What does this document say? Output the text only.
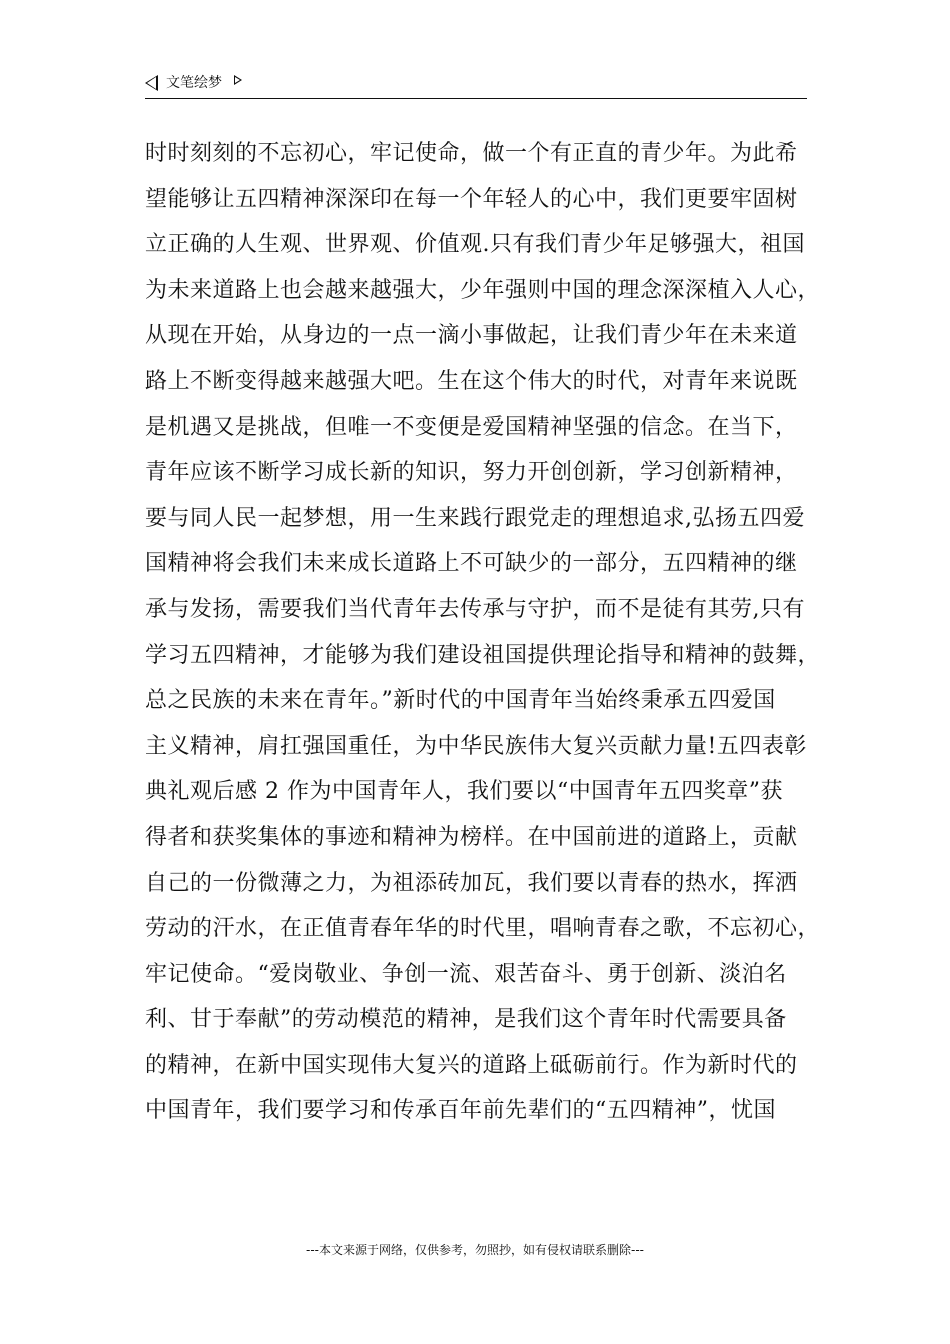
文笔绘梦
时时刻刻的不忘初心，牢记使命，做一个有正直的青少年。为此希
望能够让五四精神深深印在每一个年轻人的心中，我们更要牢固树
立正确的人生观、世界观、价值观.只有我们青少年足够强大，祖国
为未来道路上也会越来越强大，少年强则中国的理念深深植入人心，
从现在开始，从身边的一点一滴小事做起，让我们青少年在未来道
路上不断变得越来越强大吧。生在这个伟大的时代，对青年来说既
是机遇又是挑战，但唯一不变便是爱国精神坚强的信念。在当下，
青年应该不断学习成长新的知识，努力开创创新，学习创新精神，
要与同人民一起梦想，用一生来践行跟党走的理想追求,弘扬五四爱
国精神将会我们未来成长道路上不可缺少的一部分，五四精神的继
承与发扬，需要我们当代青年去传承与守护，而不是徒有其劳,只有
学习五四精神，才能够为我们建设祖国提供理论指导和精神的鼓舞，
总之民族的未来在青年。”新时代的中国青年当始终秉承五四爱国
主义精神，肩扛强国重任，为中华民族伟大复兴贡献力量!五四表彰
典礼观后感 2 作为中国青年人，我们要以“中国青年五四奖章”获
得者和获奖集体的事迹和精神为榜样。在中国前进的道路上，贡献
自己的一份微薄之力，为祖添砖加瓦，我们要以青春的热水，挥洒
劳动的汗水，在正值青春年华的时代里，唱响青春之歌，不忘初心，
牢记使命。“爱岗敬业、争创一流、艰苦奋斗、勇于创新、淡泊名
利、甘于奉献”的劳动模范的精神，是我们这个青年时代需要具备
的精神，在新中国实现伟大复兴的道路上砥砺前行。作为新时代的
中国青年，我们要学习和传承百年前先辈们的“五四精神”，忧国
---本文来源于网络，仅供参考，勿照抄，如有侵权请联系删除---
